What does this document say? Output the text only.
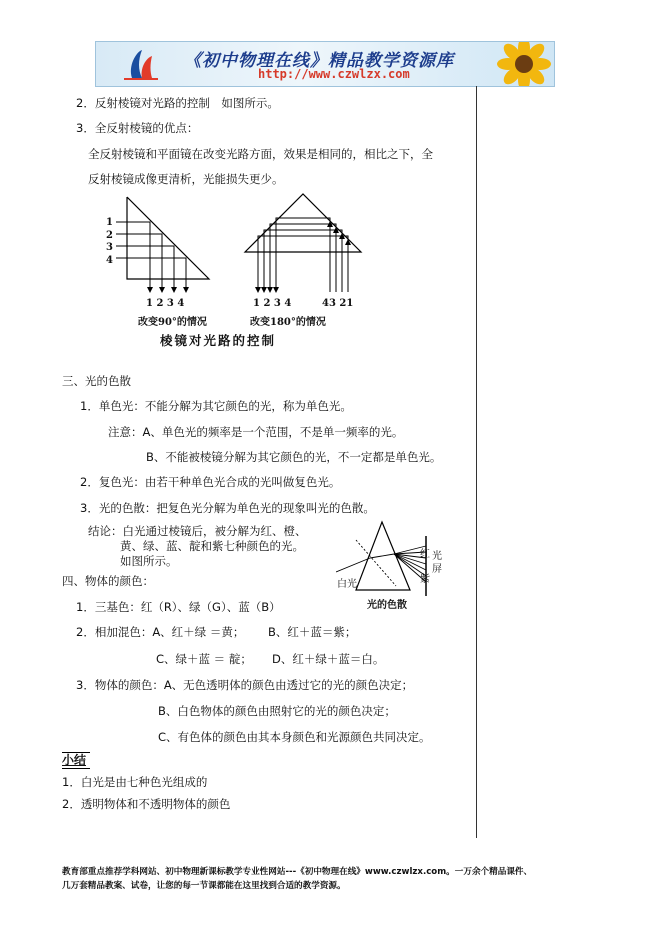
《初中物理在线》精品教学资源库
http://www.czwlzx.com
2．反射棱镜对光路的控制　如图所示。
3．全反射棱镜的优点：
全反射棱镜和平面镜在改变光路方面，效果是相同的，相比之下，全
反射棱镜成像更清析，光能损失更少。
1
2
3
4
1 2 3 4	1 2 3 4	43 21
改变90°的情况	改变180°的情况
棱镜对光路的控制
三、光的色散
1．单色光：不能分解为其它颜色的光，称为单色光。
注意：A、单色光的频率是一个范围，不是单一频率的光。
B、不能被棱镜分解为其它颜色的光，不一定都是单色光。
2．复色光：由若干种单色光合成的光叫做复色光。
3．光的色散：把复色光分解为单色光的现象叫光的色散。
结论：白光通过棱镜后，被分解为红、橙、
黄、绿、蓝、靛和紫七种颜色的光。
如图所示。
白光
红
紫
光屏
光的色散
四、物体的颜色：
1．三基色：红（R）、绿（G）、蓝（B）
2．相加混色：A、红＋绿 ＝黄； B、红＋蓝＝紫；
C、绿＋蓝 ＝ 靛； D、红＋绿＋蓝＝白。
3．物体的颜色：A、无色透明体的颜色由透过它的光的颜色决定；
B、白色物体的颜色由照射它的光的颜色决定；
C、有色体的颜色由其本身颜色和光源颜色共同决定。
小结
1．白光是由七种色光组成的
2．透明物体和不透明物体的颜色
教育部重点推荐学科网站、初中物理新课标教学专业性网站---《初中物理在线》www.czwlzx.com。一万余个精品课件、
几万套精品教案、试卷，让您的每一节课都能在这里找到合适的教学资源。
